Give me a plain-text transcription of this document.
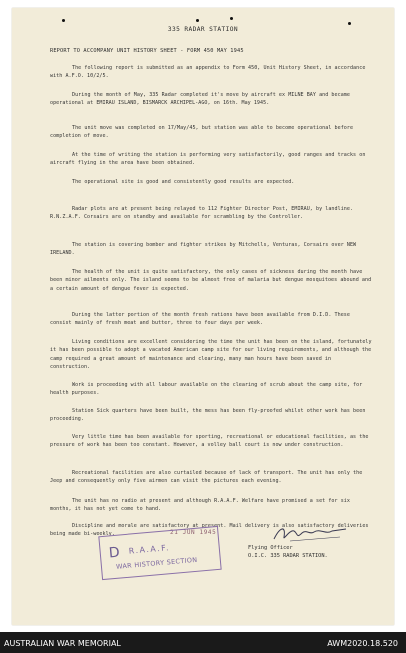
335 RADAR STATION
REPORT TO ACCOMPANY UNIT HISTORY SHEET - FORM 450 MAY 1945

The following report is submitted as an appendix to Form 450, Unit History Sheet, in accordance with A.F.O. 10/2/5.

During the month of May, 335 Radar completed it's move by aircraft ex MILNE BAY and became operational at EMIRAU ISLAND, BISMARCK ARCHIPEL-AGO, on 16th. May 1945.

The unit move was completed on 17/May/45, but station was able to become operational before completion of move.

At the time of writing the station is performing very satisfactorily, good ranges and tracks on aircraft flying in the area have been obtained.

The operational site is good and consistently good results are expected.

Radar plots are at present being relayed to 112 Fighter Director Post, EMIRAU, by landline. R.N.Z.A.F. Corsairs are on standby and available for scrambling by the Controller.

The station is covering bomber and fighter strikes by Mitchells, Venturas, Corsairs over NEW IRELAND.

The health of the unit is quite satisfactory, the only cases of sickness during the month have been minor ailments only. The island seems to be almost free of malaria but dengue mosquitoes abound and a certain amount of dengue fever is expected.

During the latter portion of the month fresh rations have been available from D.I.D. These consist mainly of fresh meat and butter, three to four days per week.

Living conditions are excellent considering the time the unit has been on the island, fortunately it has been possible to adopt a vacated American camp site for our living requirements, and although the camp required a great amount of maintenance and clearing, many man hours have been saved in construction.

Work is proceeding with all labour available on the clearing of scrub about the camp site, for health purposes.

Station Sick quarters have been built, the mess has been fly-proofed whilst other work has been proceeding.

Very little time has been available for sporting, recreational or educational facilities, as the pressure of work has been too constant. However, a volley ball court is now under construction.

Recreational facilities are also curtailed because of lack of transport. The unit has only the Jeep and consequently only five airmen can visit the pictures each evening.

The unit has no radio at present and although R.A.A.F. Welfare have promised a set for six months, it has not yet come to hand.

Discipline and morale are satisfactory at present. Mail delivery is also satisfactory deliveries being made bi-weekly.

Flying Officer
O.I.C. 335 RADAR STATION.
21 JUN 1945
D R.A.A.F.
WAR HISTORY SECTION
AUSTRALIAN WAR MEMORIAL	AWM2020.18.520
